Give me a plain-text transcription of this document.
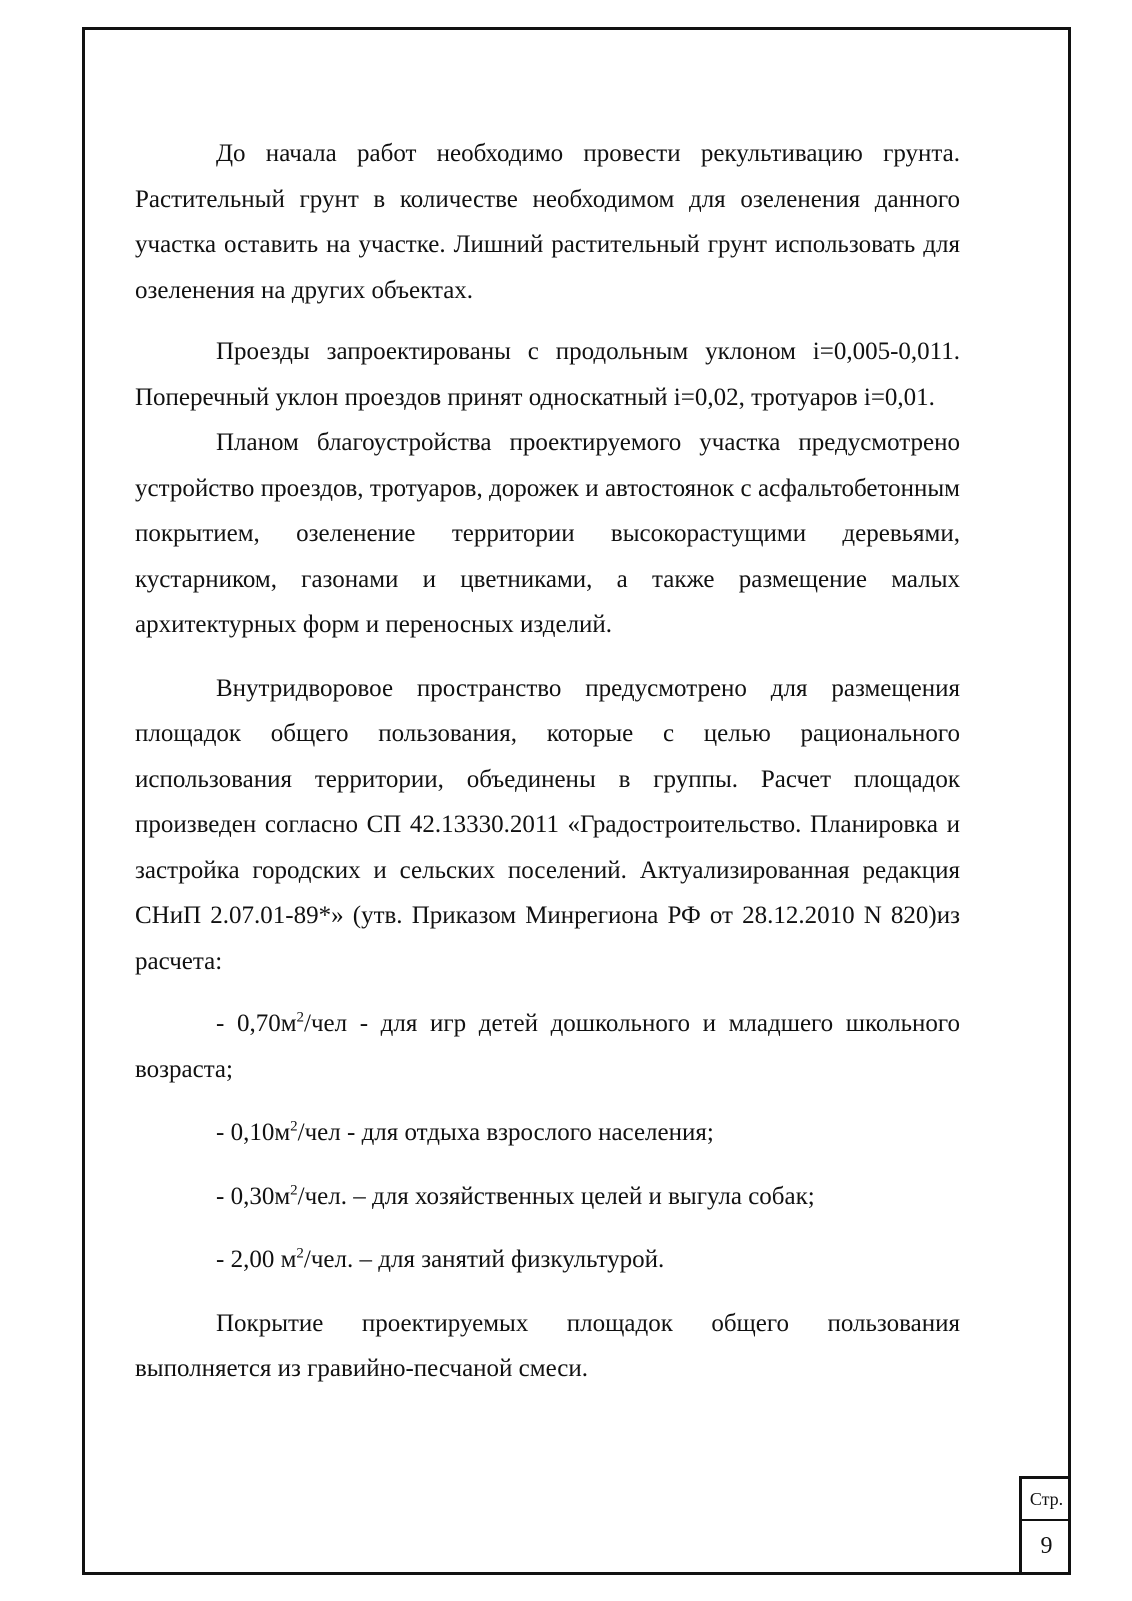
До начала работ необходимо провести рекультивацию грунта. Растительный грунт в количестве необходимом для озеленения данного участка оставить на участке. Лишний растительный грунт использовать для озеленения на других объектах.

Проезды запроектированы с продольным уклоном i=0,005-0,011. Поперечный уклон проездов принят односкатный i=0,02, тротуаров i=0,01.

Планом благоустройства проектируемого участка предусмотрено устройство проездов, тротуаров, дорожек и автостоянок с асфальтобетонным покрытием, озеленение территории высокорастущими деревьями, кустарником, газонами и цветниками, а также размещение малых архитектурных форм и переносных изделий.

Внутридворовое пространство предусмотрено для размещения площадок общего пользования, которые с целью рационального использования территории, объединены в группы. Расчет площадок произведен согласно СП 42.13330.2011 «Градостроительство. Планировка и застройка городских и сельских поселений. Актуализированная редакция СНиП 2.07.01-89*» (утв. Приказом Минрегиона РФ от 28.12.2010 N 820)из расчета:

- $0,70м^2$/чел - для игр детей дошкольного и младшего школьного возраста;

- $0,10м^2$/чел - для отдыха взрослого населения;

- $0,30м^2$/чел. – для хозяйственных целей и выгула собак;

- 2,00 $м^2$/чел. – для занятий физкультурой.

Покрытие проектируемых площадок общего пользования выполняется из гравийно-песчаной смеси.

Стр.
9
